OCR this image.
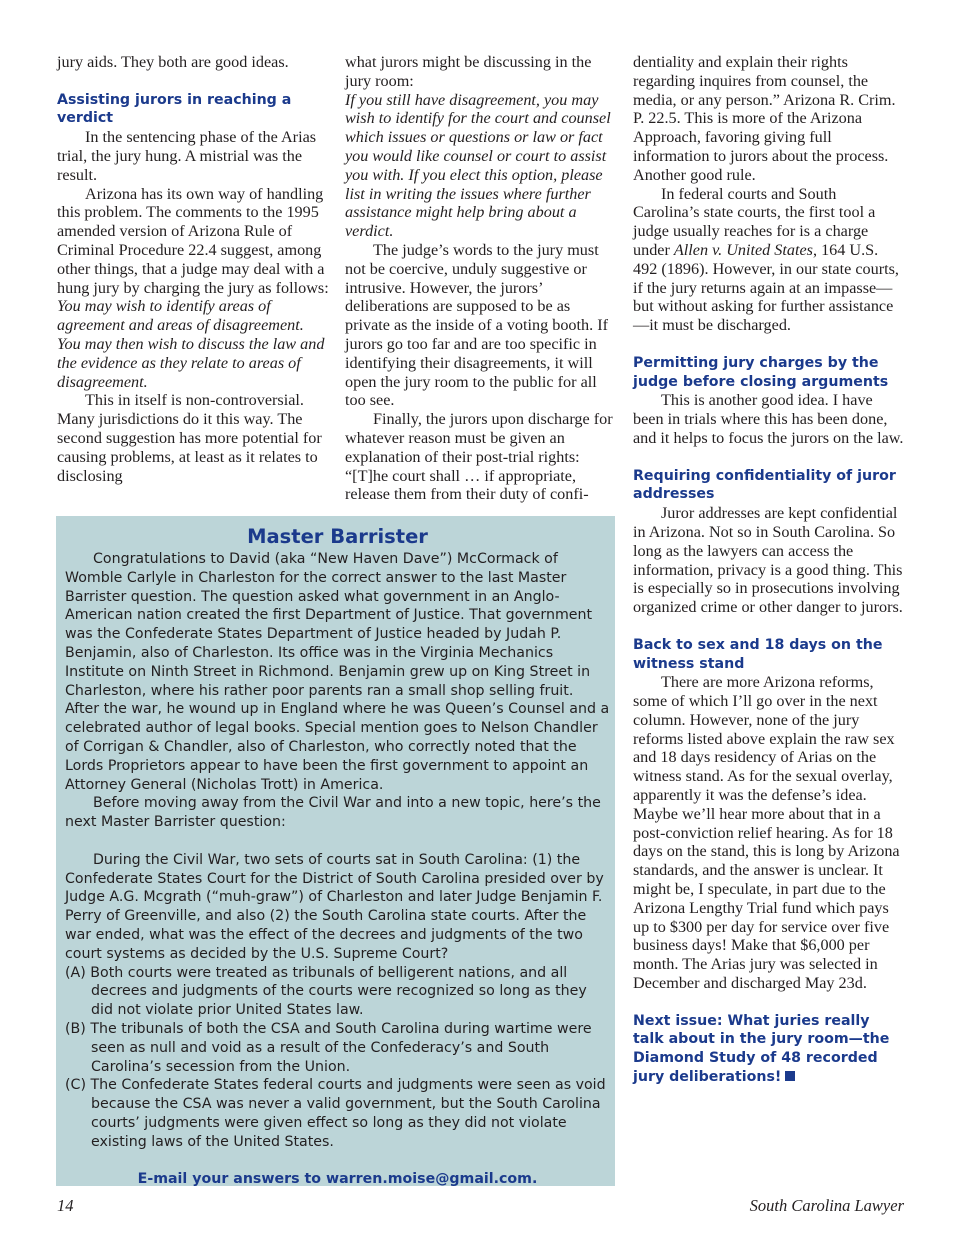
jury aids. They both are good ideas.

Assisting jurors in reaching a verdict

In the sentencing phase of the Arias trial, the jury hung. A mistrial was the result.

Arizona has its own way of handling this problem. The comments to the 1995 amended version of Arizona Rule of Criminal Procedure 22.4 suggest, among other things, that a judge may deal with a hung jury by charging the jury as follows:

You may wish to identify areas of agreement and areas of disagreement. You may then wish to discuss the law and the evidence as they relate to areas of disagreement.

This in itself is non-controversial. Many jurisdictions do it this way. The second suggestion has more potential for causing problems, at least as it relates to disclosing

what jurors might be discussing in the jury room:

If you still have disagreement, you may wish to identify for the court and counsel which issues or questions or law or fact you would like counsel or court to assist you with. If you elect this option, please list in writing the issues where further assistance might help bring about a verdict.

The judge’s words to the jury must not be coercive, unduly suggestive or intrusive. However, the jurors’ deliberations are supposed to be as private as the inside of a voting booth. If jurors go too far and are too specific in identifying their disagreements, it will open the jury room to the public for all too see.

Finally, the jurors upon discharge for whatever reason must be given an explanation of their post-trial rights: “[T]he court shall … if appropriate, release them from their duty of confi-

dentiality and explain their rights regarding inquires from counsel, the media, or any person.” Arizona R. Crim. P. 22.5. This is more of the Arizona Approach, favoring giving full information to jurors about the process. Another good rule.

In federal courts and South Carolina’s state courts, the first tool a judge usually reaches for is a charge under Allen v. United States, 164 U.S. 492 (1896). However, in our state courts, if the jury returns again at an impasse—but without asking for further assistance—it must be discharged.

Permitting jury charges by the judge before closing arguments

This is another good idea. I have been in trials where this has been done, and it helps to focus the jurors on the law.

Requiring confidentiality of juror addresses

Juror addresses are kept confidential in Arizona. Not so in South Carolina. So long as the lawyers can access the information, privacy is a good thing. This is especially so in prosecutions involving organized crime or other danger to jurors.

Back to sex and 18 days on the witness stand

There are more Arizona reforms, some of which I’ll go over in the next column. However, none of the jury reforms listed above explain the raw sex and 18 days residency of Arias on the witness stand. As for the sexual overlay, apparently it was the defense’s idea. Maybe we’ll hear more about that in a post-conviction relief hearing. As for 18 days on the stand, this is long by Arizona standards, and the answer is unclear. It might be, I speculate, in part due to the Arizona Lengthy Trial fund which pays up to $300 per day for service over five business days! Make that $6,000 per month. The Arias jury was selected in December and discharged May 23d.

Next issue: What juries really talk about in the jury room—the Diamond Study of 48 recorded jury deliberations!

Master Barrister

Congratulations to David (aka “New Haven Dave”) McCormack of Womble Carlyle in Charleston for the correct answer to the last Master Barrister question. The question asked what government in an Anglo-American nation created the first Department of Justice. That government was the Confederate States Department of Justice headed by Judah P. Benjamin, also of Charleston. Its office was in the Virginia Mechanics Institute on Ninth Street in Richmond. Benjamin grew up on King Street in Charleston, where his rather poor parents ran a small shop selling fruit. After the war, he wound up in England where he was Queen’s Counsel and a celebrated author of legal books. Special mention goes to Nelson Chandler of Corrigan & Chandler, also of Charleston, who correctly noted that the Lords Proprietors appear to have been the first government to appoint an Attorney General (Nicholas Trott) in America.

Before moving away from the Civil War and into a new topic, here’s the next Master Barrister question:

During the Civil War, two sets of courts sat in South Carolina: (1) the Confederate States Court for the District of South Carolina presided over by Judge A.G. Mcgrath (“muh-graw”) of Charleston and later Judge Benjamin F. Perry of Greenville, and also (2) the South Carolina state courts. After the war ended, what was the effect of the decrees and judgments of the two court systems as decided by the U.S. Supreme Court?

(A) Both courts were treated as tribunals of belligerent nations, and all decrees and judgments of the courts were recognized so long as they did not violate prior United States law.

(B) The tribunals of both the CSA and South Carolina during wartime were seen as null and void as a result of the Confederacy’s and South Carolina’s secession from the Union.

(C) The Confederate States federal courts and judgments were seen as void because the CSA was never a valid government, but the South Carolina courts’ judgments were given effect so long as they did not violate existing laws of the United States.

E-mail your answers to warren.moise@gmail.com.

14	South Carolina Lawyer
